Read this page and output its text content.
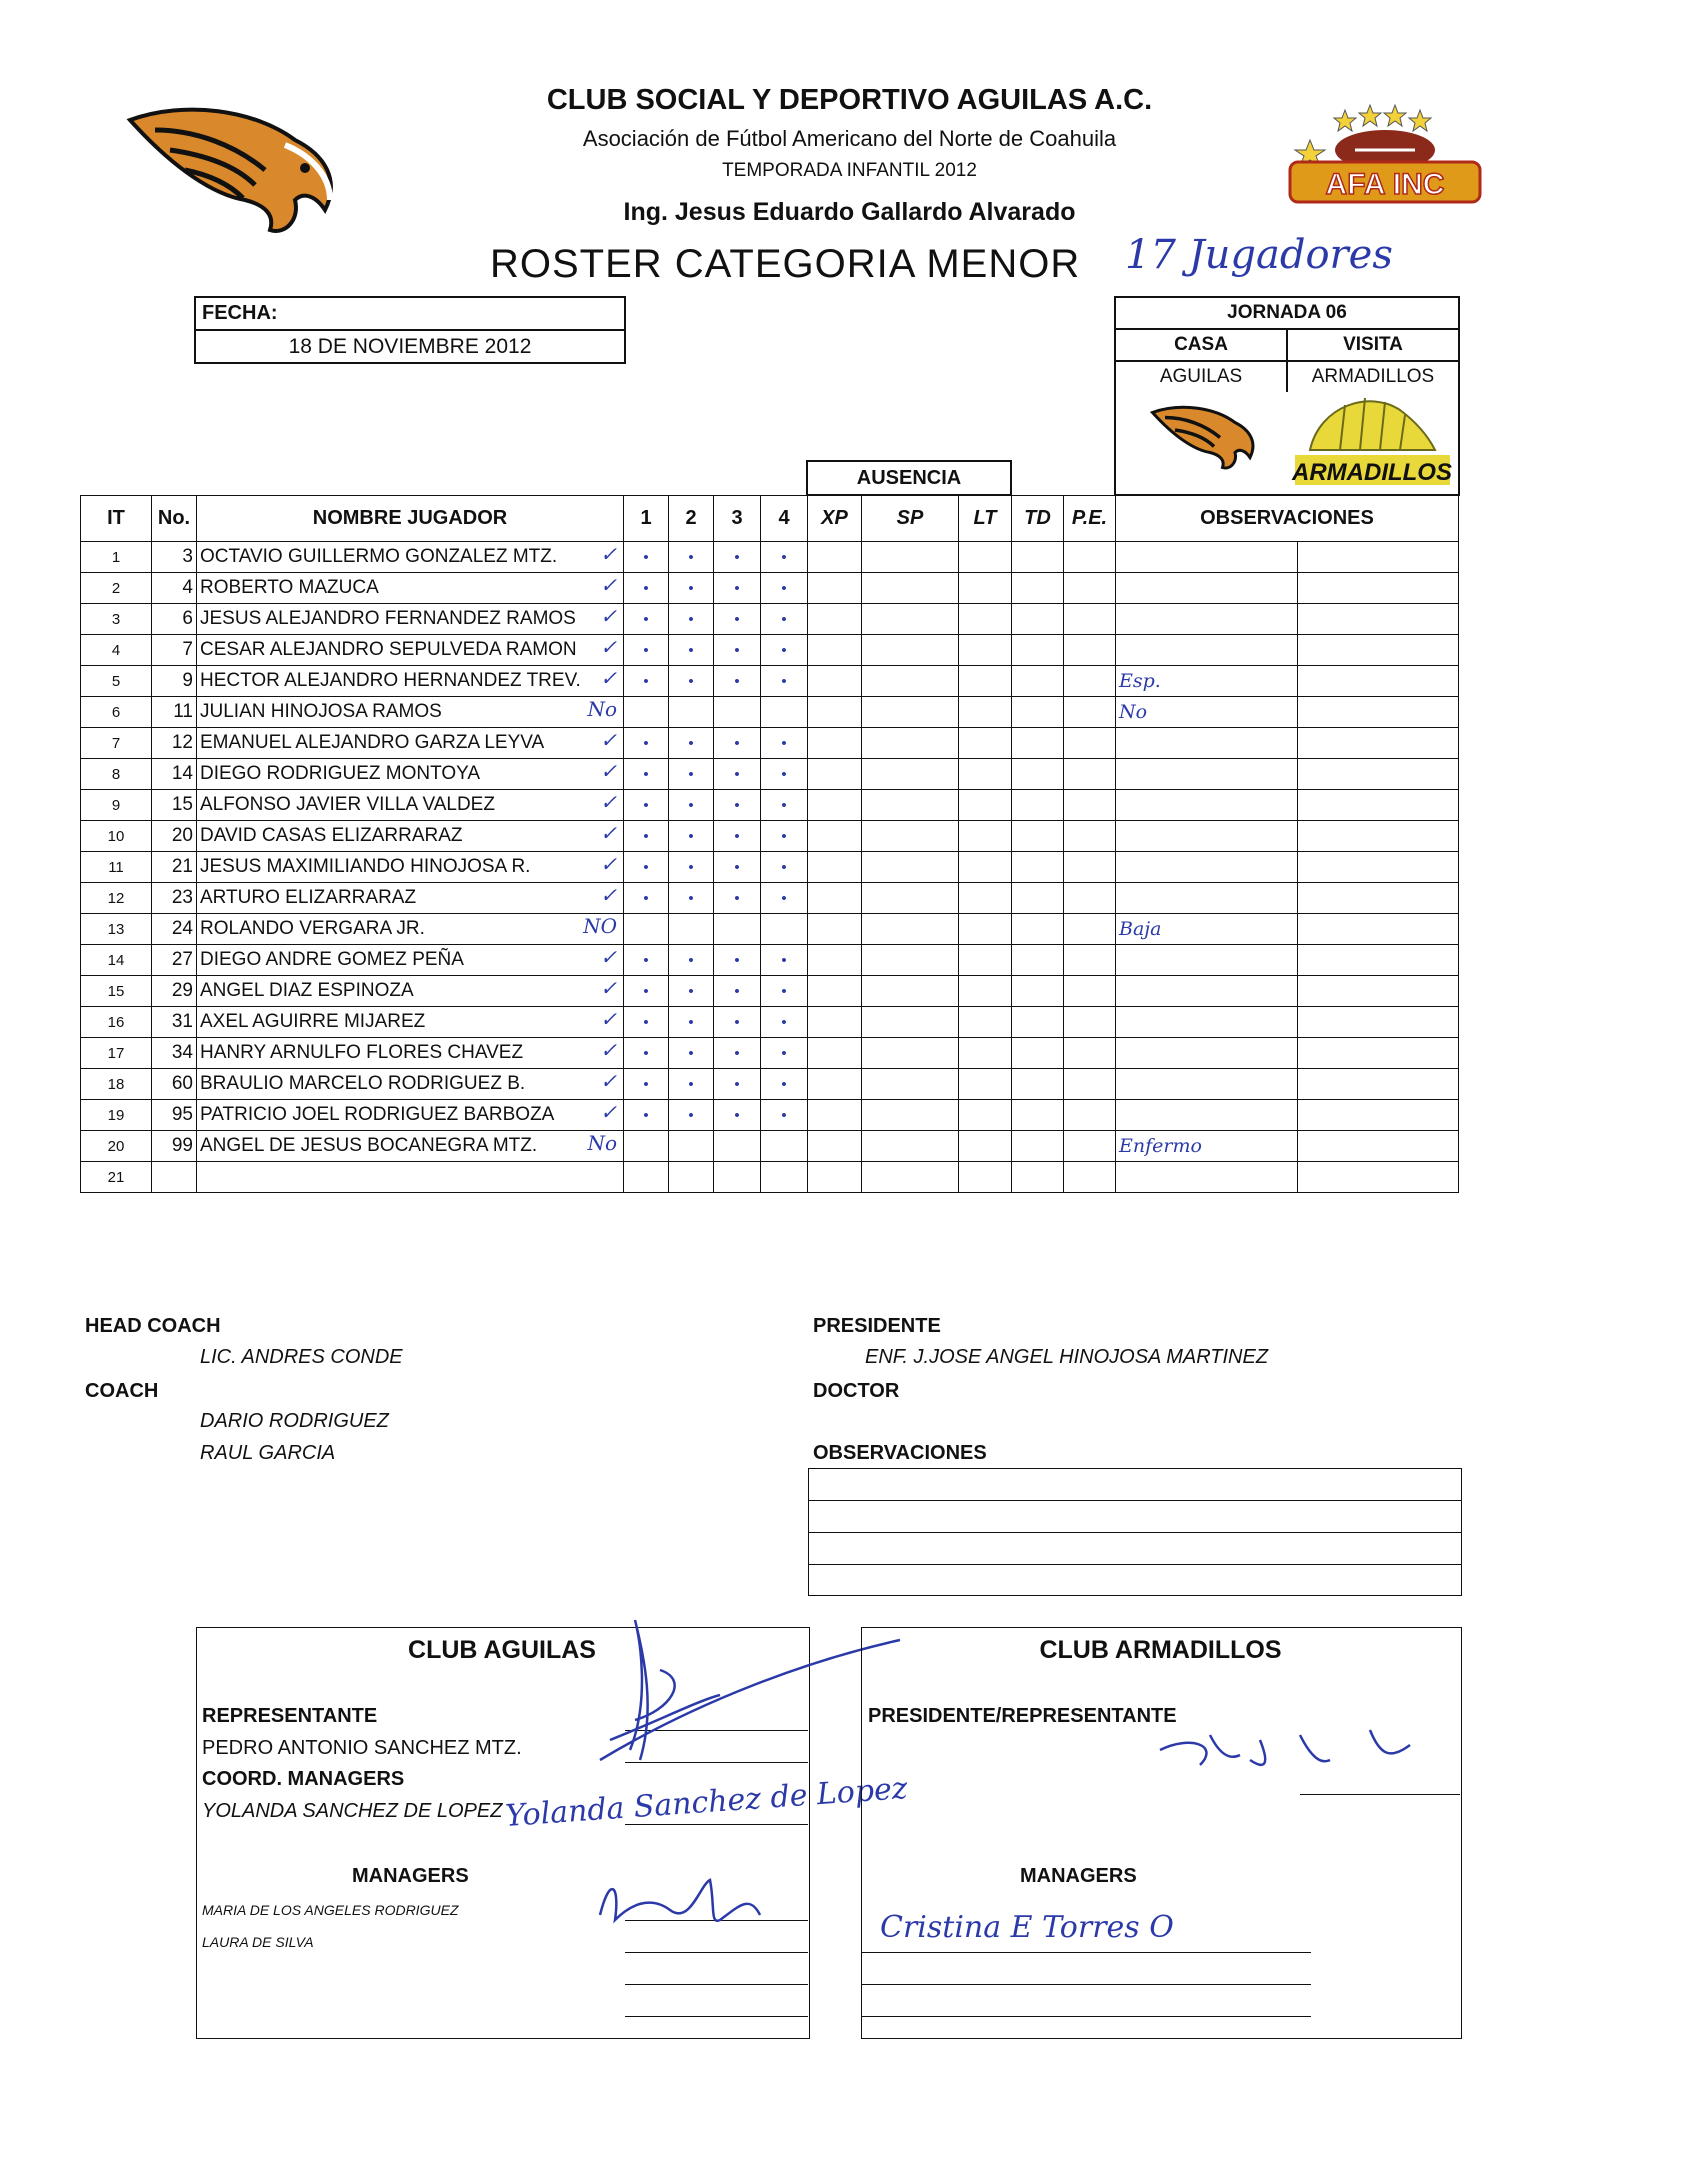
AFA INC
CLUB SOCIAL Y DEPORTIVO AGUILAS A.C.
Asociación de Fútbol Americano del Norte de Coahuila
TEMPORADA INFANTIL 2012
Ing. Jesus Eduardo Gallardo Alvarado
ROSTER CATEGORIA MENOR 17 Jugadores
FECHA:
18 DE NOVIEMBRE 2012
JORNADA 06
CASA	VISITA
AGUILAS	ARMADILLOS
ARMADILLOS
AUSENCIA
IT	No.	NOMBRE JUGADOR	1	2	3	4	XP	SP	LT	TD	P.E.	OBSERVACIONES	
1	3	OCTAVIO GUILLERMO GONZALEZ MTZ. ✓	•	•	•	•							
2	4	ROBERTO MAZUCA ✓	•	•	•	•							
3	6	JESUS ALEJANDRO FERNANDEZ RAMOS ✓	•	•	•	•							
4	7	CESAR ALEJANDRO SEPULVEDA RAMON ✓	•	•	•	•							
5	9	HECTOR ALEJANDRO HERNANDEZ TREV. ✓	•	•	•	•						Esp.	
6	11	JULIAN HINOJOSA RAMOS No										No	
7	12	EMANUEL ALEJANDRO GARZA LEYVA ✓	•	•	•	•							
8	14	DIEGO RODRIGUEZ MONTOYA ✓	•	•	•	•							
9	15	ALFONSO JAVIER VILLA VALDEZ ✓	•	•	•	•							
10	20	DAVID CASAS ELIZARRARAZ ✓	•	•	•	•							
11	21	JESUS MAXIMILIANDO HINOJOSA R. ✓	•	•	•	•							
12	23	ARTURO ELIZARRARAZ ✓	•	•	•	•							
13	24	ROLANDO VERGARA JR. NO										Baja	
14	27	DIEGO ANDRE GOMEZ PEÑA ✓	•	•	•	•							
15	29	ANGEL DIAZ ESPINOZA ✓	•	•	•	•							
16	31	AXEL AGUIRRE MIJAREZ ✓	•	•	•	•							
17	34	HANRY ARNULFO FLORES CHAVEZ ✓	•	•	•	•							
18	60	BRAULIO MARCELO RODRIGUEZ B. ✓	•	•	•	•							
19	95	PATRICIO JOEL RODRIGUEZ BARBOZA ✓	•	•	•	•							
20	99	ANGEL DE JESUS BOCANEGRA MTZ. No										Enfermo	
21		

HEAD COACH
LIC. ANDRES CONDE
COACH
DARIO RODRIGUEZ
RAUL GARCIA
PRESIDENTE
ENF. J.JOSE ANGEL HINOJOSA MARTINEZ
DOCTOR
OBSERVACIONES
CLUB AGUILAS
REPRESENTANTE
PEDRO ANTONIO SANCHEZ MTZ.
COORD. MANAGERS
YOLANDA SANCHEZ DE LOPEZ
MANAGERS
MARIA DE LOS ANGELES RODRIGUEZ
LAURA DE SILVA
Yolanda Sanchez de Lopez
CLUB ARMADILLOS
PRESIDENTE/REPRESENTANTE
MANAGERS
Cristina E Torres O
